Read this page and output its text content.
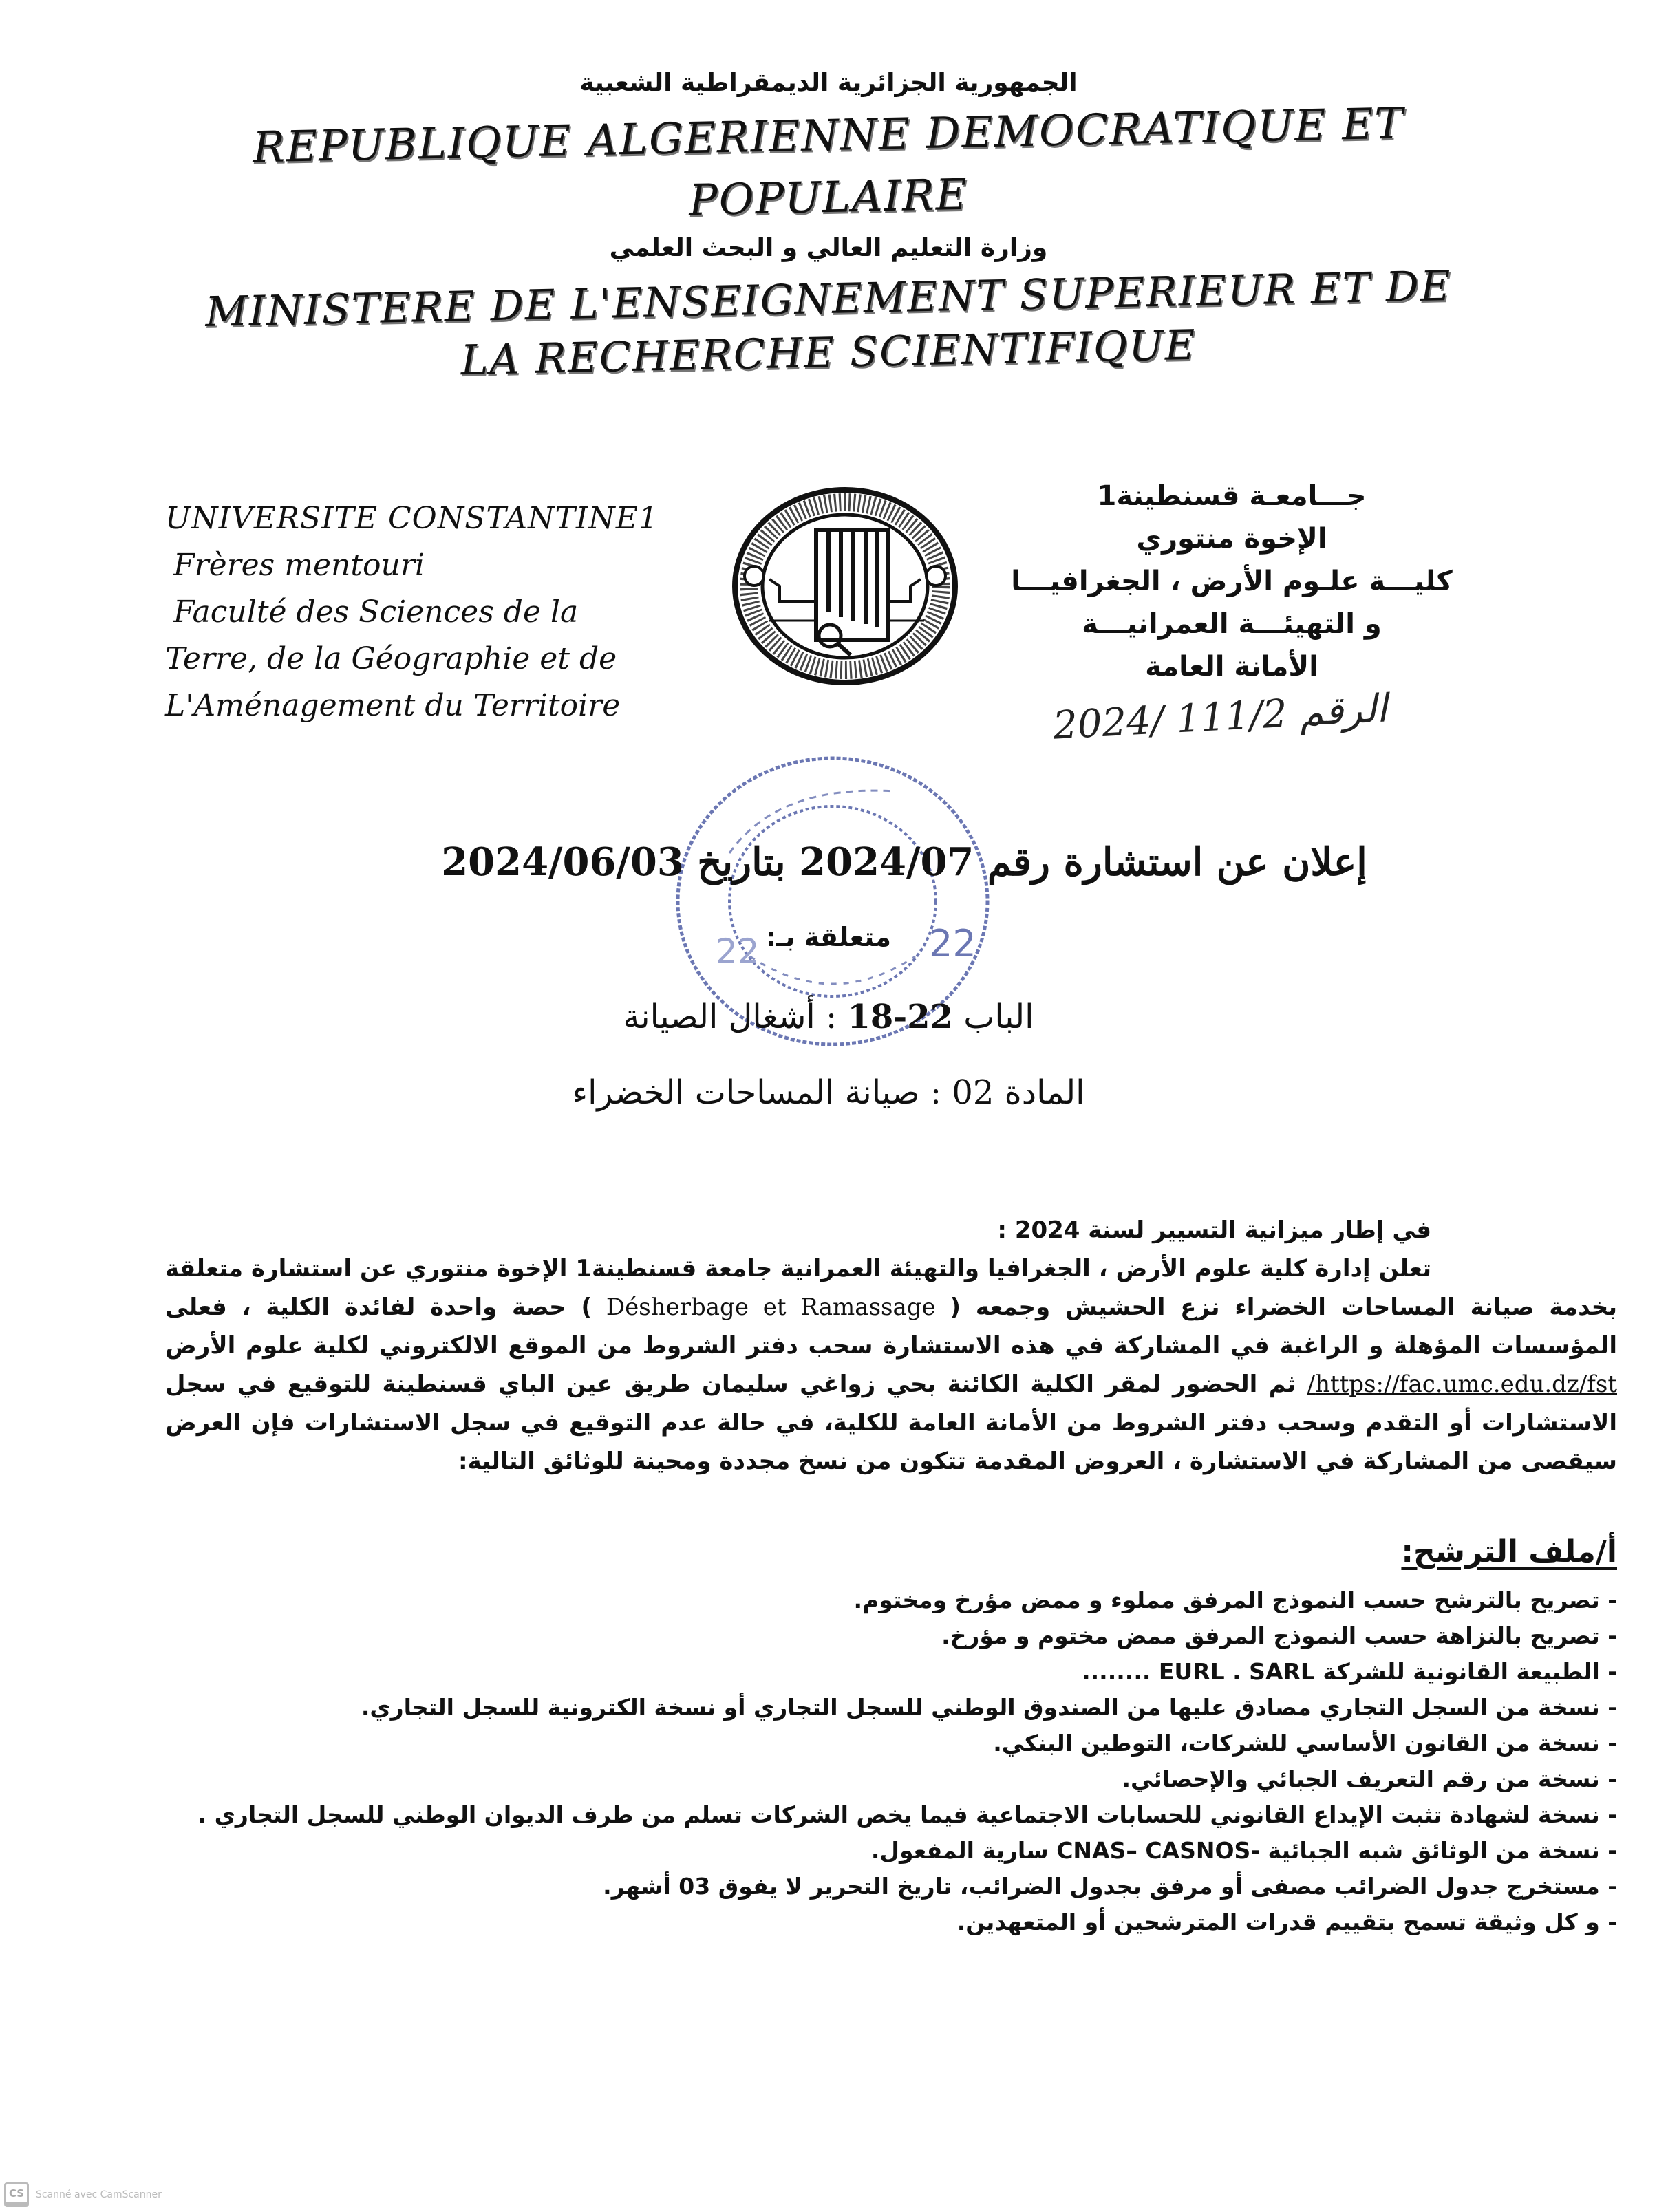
الجمهورية الجزائرية الديمقراطية الشعبية
REPUBLIQUE ALGERIENNE DEMOCRATIQUE ET
POPULAIRE
وزارة التعليم العالي و البحث العلمي
MINISTERE DE L'ENSEIGNEMENT SUPERIEUR ET DE
LA RECHERCHE SCIENTIFIQUE
UNIVERSITE CONSTANTINE1
Frères mentouri
Faculté des Sciences de la
Terre, de la Géographie et de
L'Aménagement du Territoire
جـــامعـة قسنطينة1
الإخوة منتوري
كليـــة علـوم الأرض ، الجغرافيـــا
و التهيئـــة العمرانيـــة
الأمانة العامة
الرقم 111/2 /2024
22
22
إعلان عن استشارة رقم 2024/07 بتاريخ 2024/06/03
متعلقة بـ:
الباب 22-18 : أشغال الصيانة
المادة 02 : صيانة المساحات الخضراء
في إطار ميزانية التسيير لسنة 2024 :
تعلن إدارة كلية علوم الأرض ، الجغرافيا والتهيئة العمرانية جامعة قسنطينة1 الإخوة منتوري عن استشارة متعلقة بخدمة صيانة المساحات الخضراء نزع الحشيش وجمعه ( Désherbage et Ramassage ) حصة واحدة لفائدة الكلية ، فعلى المؤسسات المؤهلة و الراغبة في المشاركة في هذه الاستشارة سحب دفتر الشروط من الموقع الالكتروني لكلية علوم الأرض https://fac.umc.edu.dz/fst/ ثم الحضور لمقر الكلية الكائنة بحي زواغي سليمان طريق عين الباي قسنطينة للتوقيع في سجل الاستشارات أو التقدم وسحب دفتر الشروط من الأمانة العامة للكلية، في حالة عدم التوقيع في سجل الاستشارات فإن العرض سيقصى من المشاركة في الاستشارة ، العروض المقدمة تتكون من نسخ مجددة ومحينة للوثائق التالية:
أ/ملف الترشح:
- تصريح بالترشح حسب النموذج المرفق مملوء و ممض مؤرخ ومختوم.
- تصريح بالنزاهة حسب النموذج المرفق ممض مختوم و مؤرخ.
- الطبيعة القانونية للشركة EURL . SARL ........
- نسخة من السجل التجاري مصادق عليها من الصندوق الوطني للسجل التجاري أو نسخة الكترونية للسجل التجاري.
- نسخة من القانون الأساسي للشركات، التوطين البنكي.
- نسخة من رقم التعريف الجبائي والإحصائي.
- نسخة لشهادة تثبت الإيداع القانوني للحسابات الاجتماعية فيما يخص الشركات تسلم من طرف الديوان الوطني للسجل التجاري .
- نسخة من الوثائق شبه الجبائية -CNAS– CASNOS سارية المفعول.
- مستخرج جدول الضرائب مصفى أو مرفق بجدول الضرائب، تاريخ التحرير لا يفوق 03 أشهر.
- و كل وثيقة تسمح بتقييم قدرات المترشحين أو المتعهدين.
CS	Scanné avec CamScanner
